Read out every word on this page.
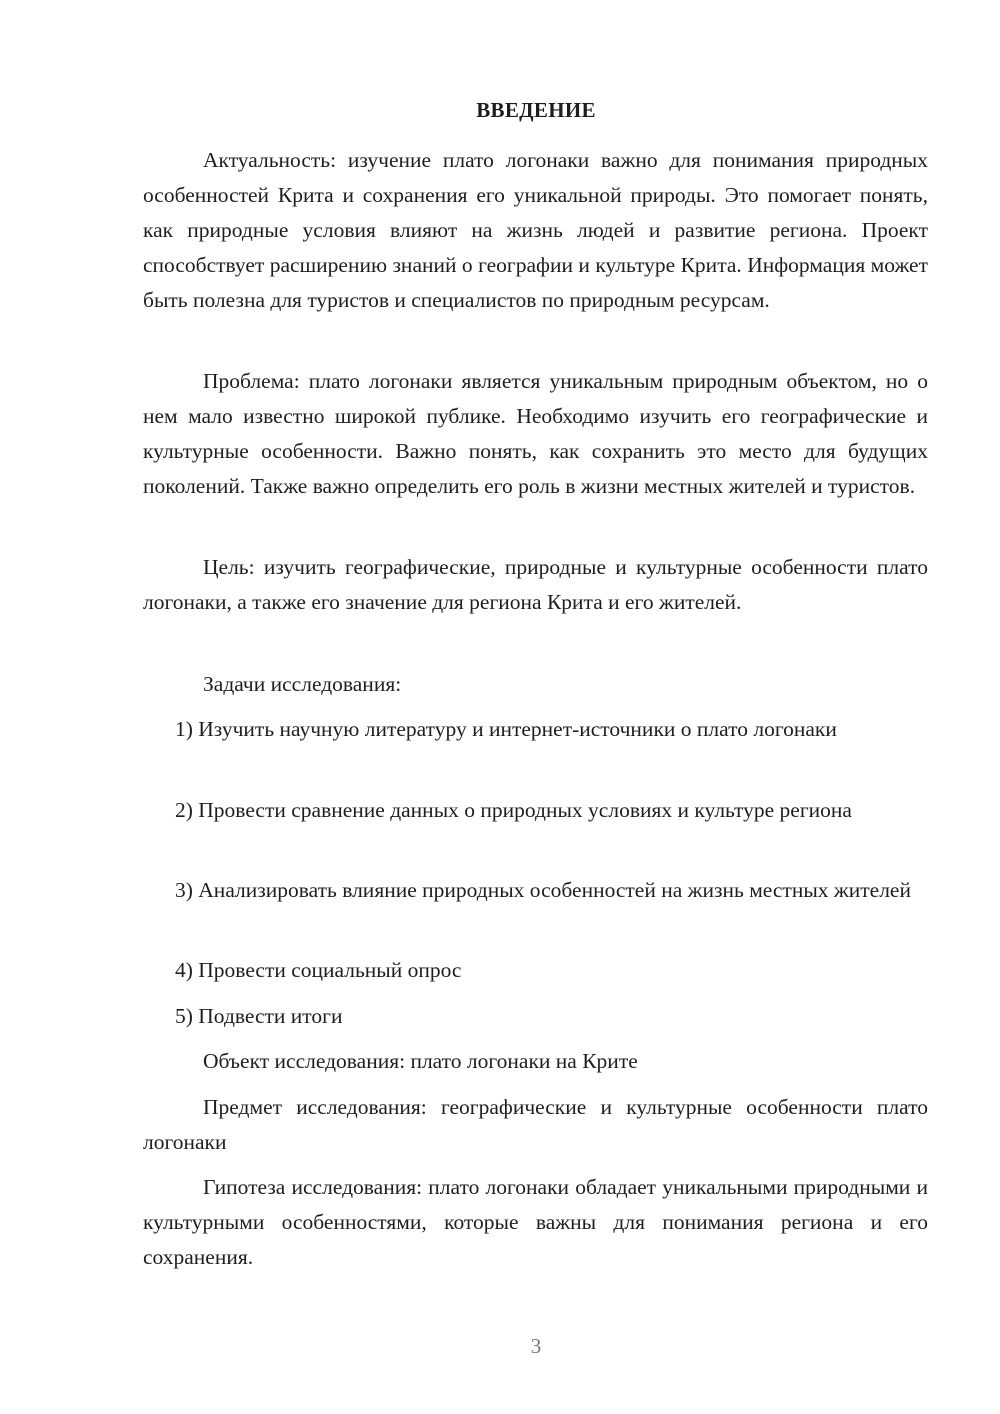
ВВЕДЕНИЕ

Актуальность: изучение плато логонаки важно для понимания природных особенностей Крита и сохранения его уникальной природы. Это помогает понять, как природные условия влияют на жизнь людей и развитие региона. Проект способствует расширению знаний о географии и культуре Крита. Информация может быть полезна для туристов и специалистов по природным ресурсам.

Проблема: плато логонаки является уникальным природным объектом, но о нем мало известно широкой публике. Необходимо изучить его географические и культурные особенности. Важно понять, как сохранить это место для будущих поколений. Также важно определить его роль в жизни местных жителей и туристов.

Цель: изучить географические, природные и культурные особенности плато логонаки, а также его значение для региона Крита и его жителей.

Задачи исследования:

1) Изучить научную литературу и интернет-источники о плато логонаки

2) Провести сравнение данных о природных условиях и культуре региона

3) Анализировать влияние природных особенностей на жизнь местных жителей

4) Провести социальный опрос

5) Подвести итоги

Объект исследования: плато логонаки на Крите

Предмет исследования: географические и культурные особенности плато логонаки

Гипотеза исследования: плато логонаки обладает уникальными природными и культурными особенностями, которые важны для понимания региона и его сохранения.

3
